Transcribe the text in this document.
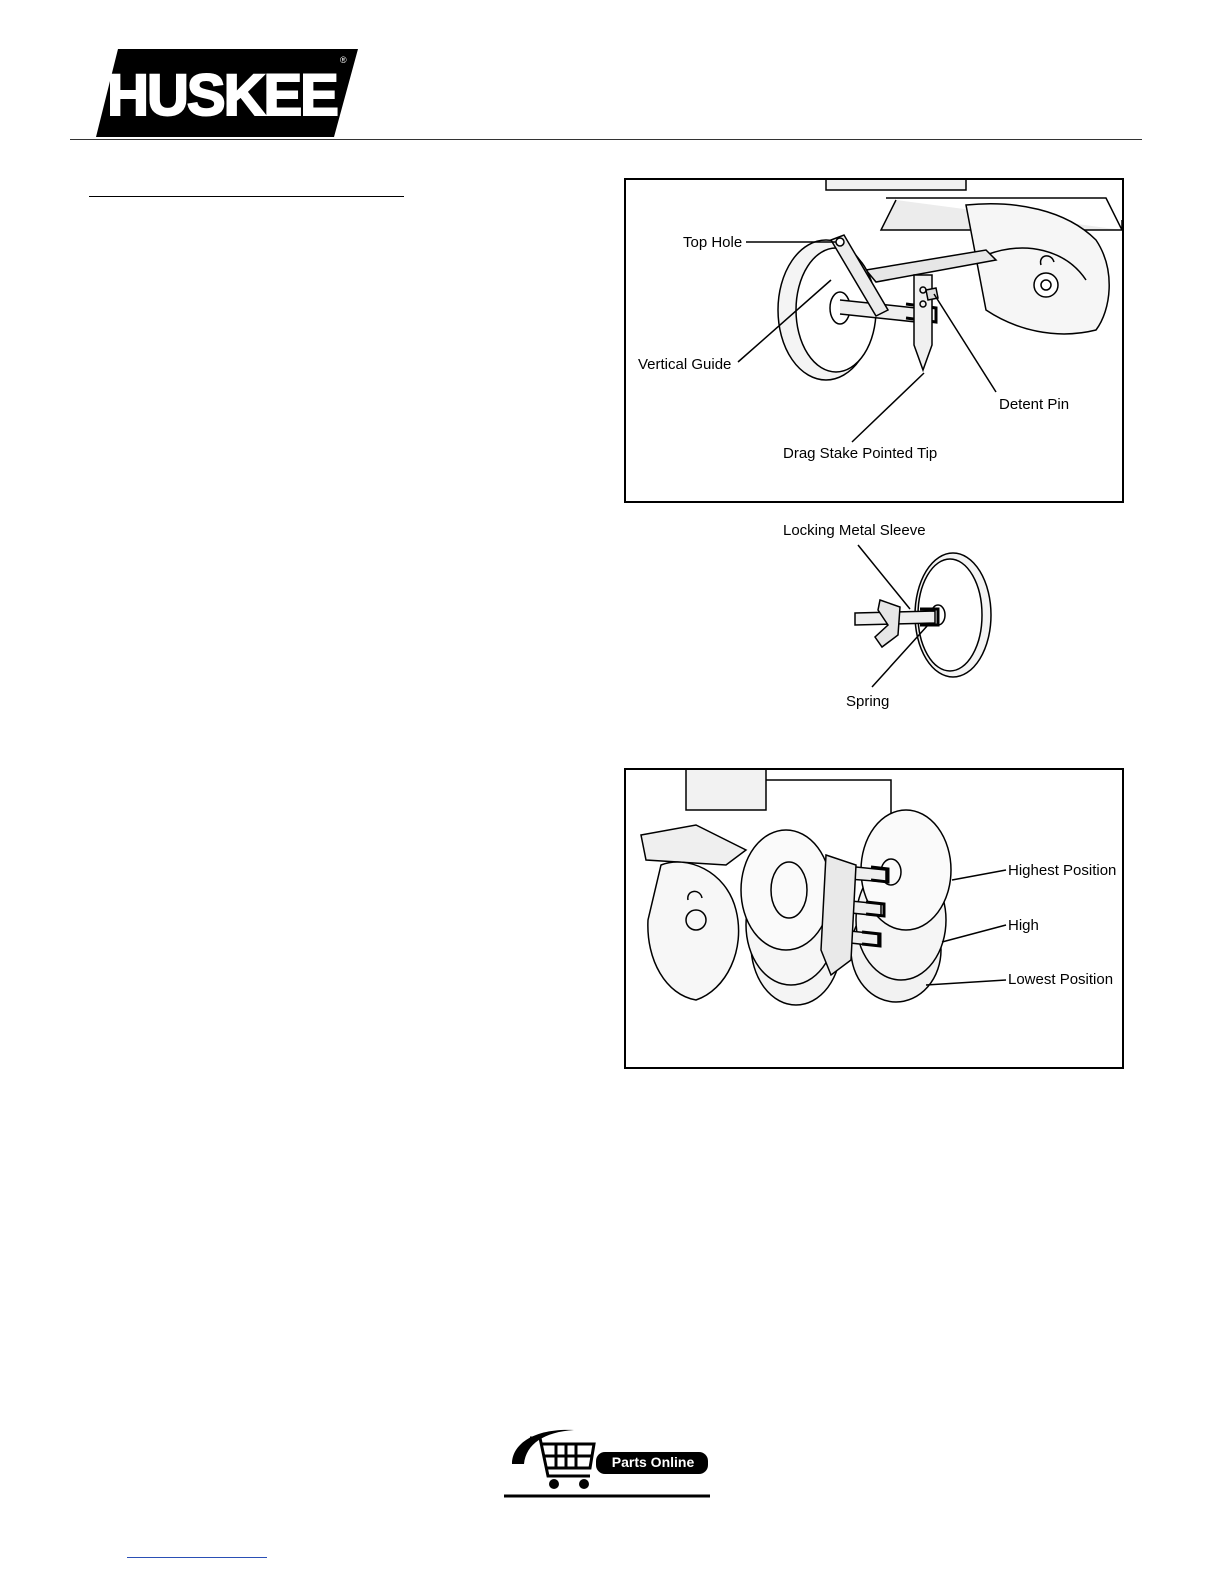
HUSKEE
®
Top Hole
Vertical Guide
Detent Pin
Drag Stake Pointed Tip
Locking Metal Sleeve
Spring
Highest Position
High
Lowest Position
Parts Online
